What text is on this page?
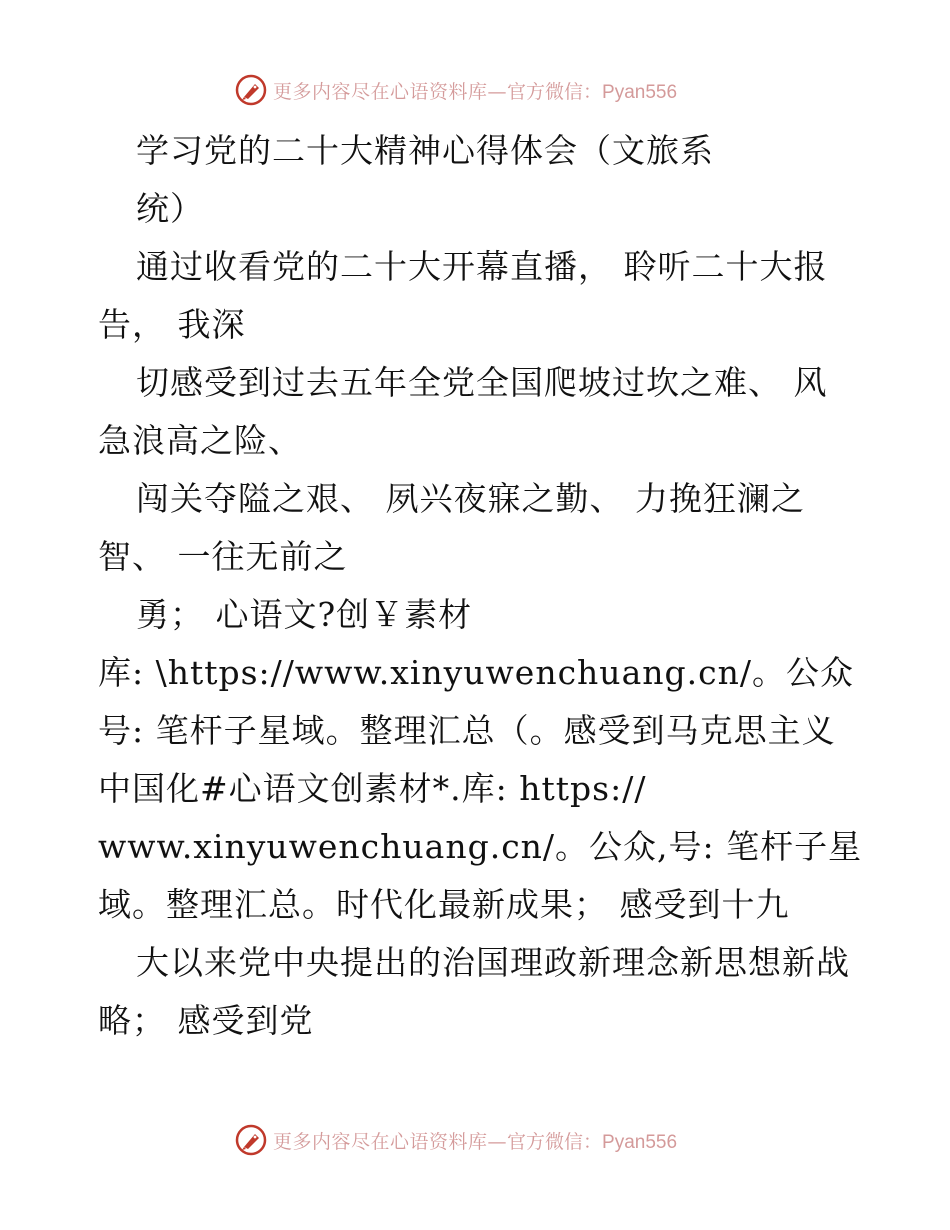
更多内容尽在心语资料库— 官方微信：Pyan556
学习党的二十大精神心得体会（文旅系
统）
通过收看党的二十大开幕直播， 聆听二十大报
告， 我深
切感受到过去五年全党全国爬坡过坎之难、 风
急浪高之险、
闯关夺隘之艰、 夙兴夜寐之勤、 力挽狂澜之
智、 一往无前之
勇； 心语文?创￥素材
库: \https://www.xinyuwenchuang.cn/。公众
号: 笔杆子星域。整理汇总（。感受到马克思主义
中国化#心语文创素材*.库: https://
www.xinyuwenchuang.cn/。公众,号: 笔杆子星
域。整理汇总。时代化最新成果； 感受到十九
大以来党中央提出的治国理政新理念新思想新战
略； 感受到党
更多内容尽在心语资料库— 官方微信：Pyan556
